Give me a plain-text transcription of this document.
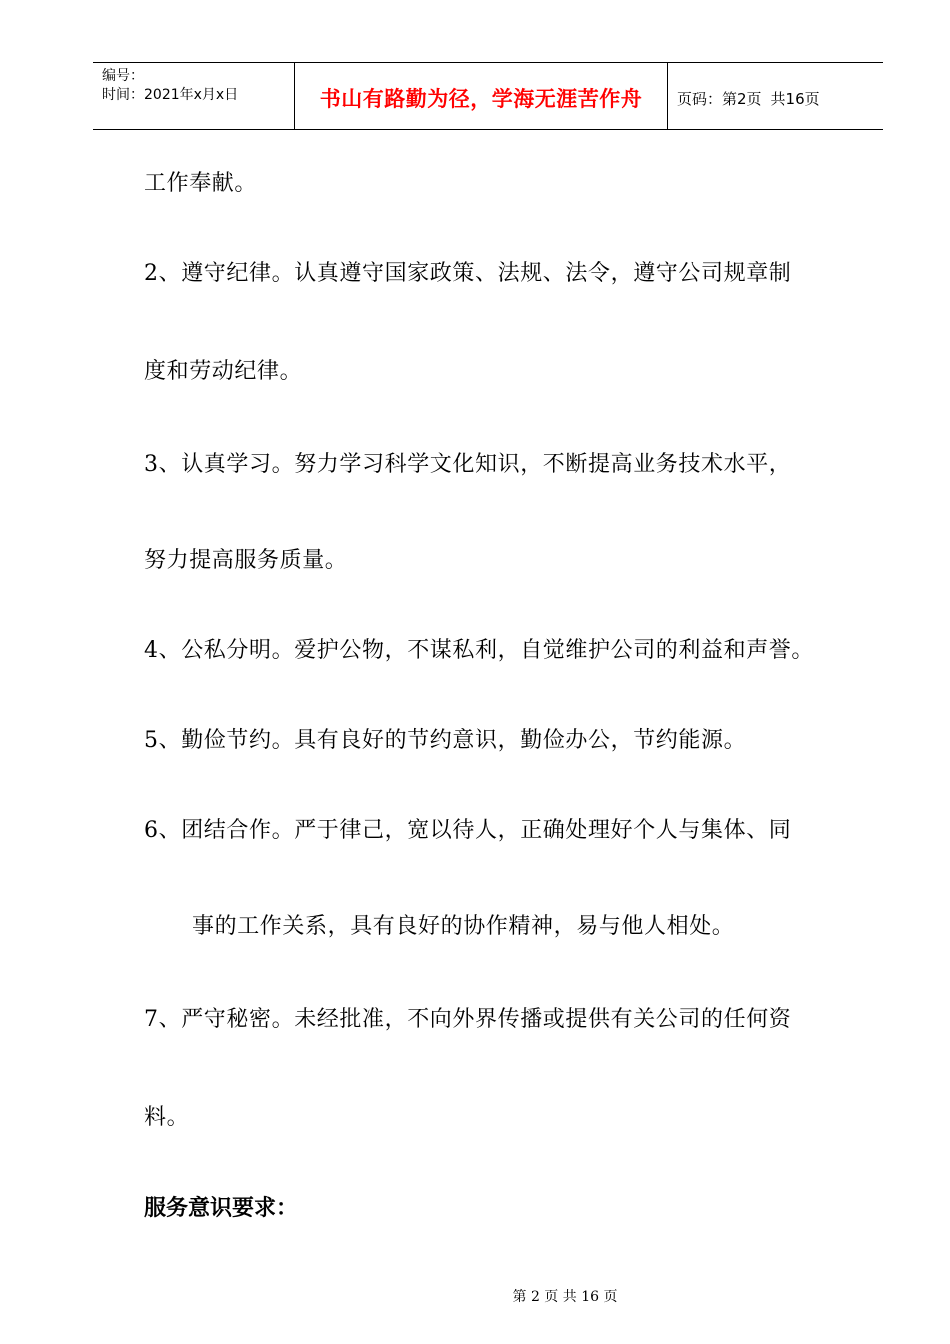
编号：
时间：2021年x月x日	书山有路勤为径，学海无涯苦作舟	页码：第2页 共16页
工作奉献。
2、遵守纪律。认真遵守国家政策、法规、法令，遵守公司规章制
度和劳动纪律。
3、认真学习。努力学习科学文化知识，不断提高业务技术水平，
努力提高服务质量。
4、公私分明。爱护公物，不谋私利，自觉维护公司的利益和声誉。
5、勤俭节约。具有良好的节约意识，勤俭办公，节约能源。
6、团结合作。严于律己，宽以待人，正确处理好个人与集体、同
事的工作关系，具有良好的协作精神，易与他人相处。
7、严守秘密。未经批准，不向外界传播或提供有关公司的任何资
料。
服务意识要求：
第 2 页 共 16 页
